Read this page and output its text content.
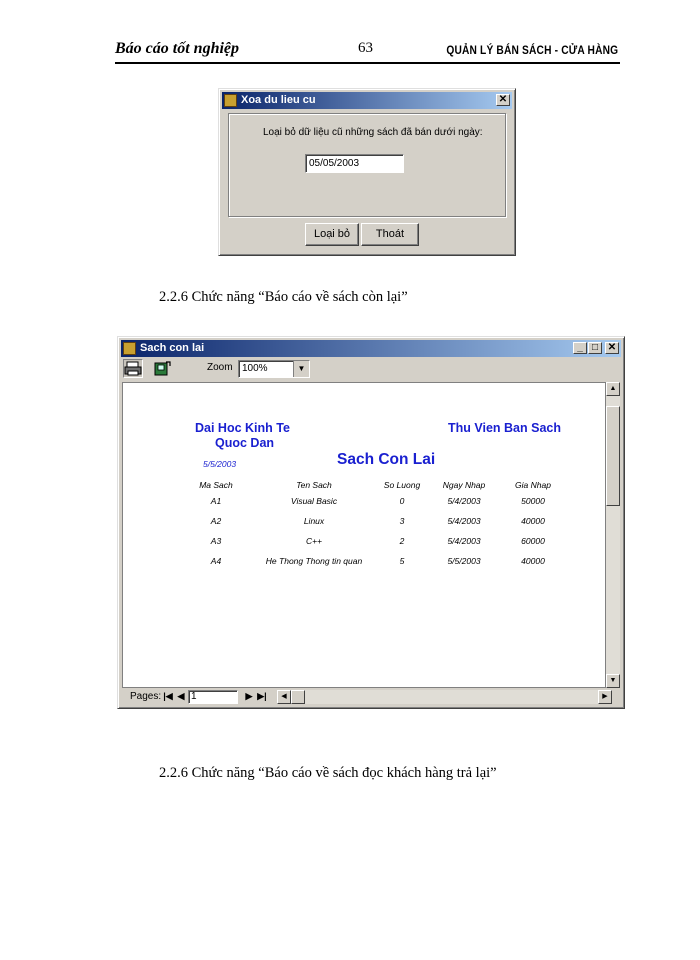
Báo cáo tốt nghiệp	63	QUẢN LÝ BÁN SÁCH - CỬA HÀNG
Xoa du lieu cu	✕
Loại bỏ dữ liệu cũ những sách đã bán dưới ngày:
05/05/2003
Loại bỏ	Thoát
2.2.6 Chức năng “Báo cáo về sách còn lại”
Sach con lai	_ □ ✕
Zoom 100%	▼
Dai Hoc Kinh Te
Quoc Dan
Thu Vien Ban Sach
5/5/2003	Sach Con Lai
Ma Sach	Ten Sach	So Luong	Ngay Nhap	Gia Nhap
A1	Visual Basic	0	5/4/2003	50000
A2	Linux	3	5/4/2003	40000
A3	C++	2	5/4/2003	60000
A4	He Thong Thong tin quan	5	5/5/2003	40000
▲
▼
Pages: |◀ ◀ 1	▶ ▶|	◀	▶
2.2.6 Chức năng “Báo cáo về sách đọc khách hàng trả lại”
